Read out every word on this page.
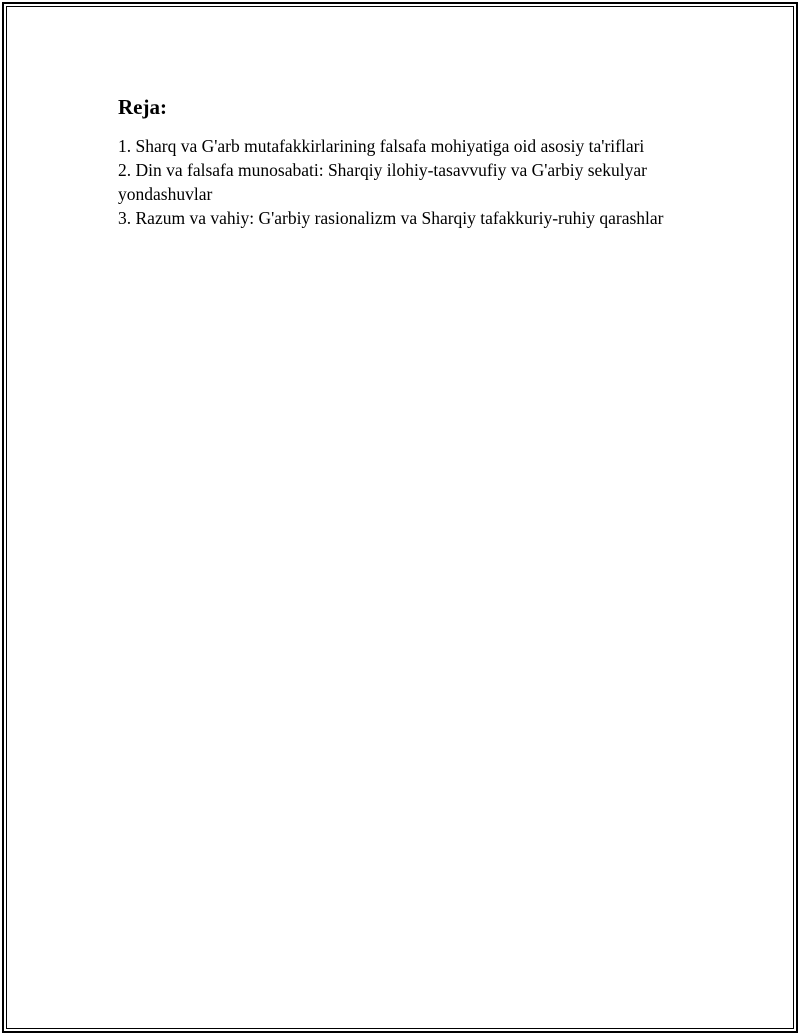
Reja:
1. Sharq va G'arb mutafakkirlarining falsafa mohiyatiga oid asosiy ta'riflari
2. Din va falsafa munosabati: Sharqiy ilohiy-tasavvufiy va G'arbiy sekulyar yondashuvlar
3. Razum va vahiy: G'arbiy rasionalizm va Sharqiy tafakkuriy-ruhiy qarashlar
